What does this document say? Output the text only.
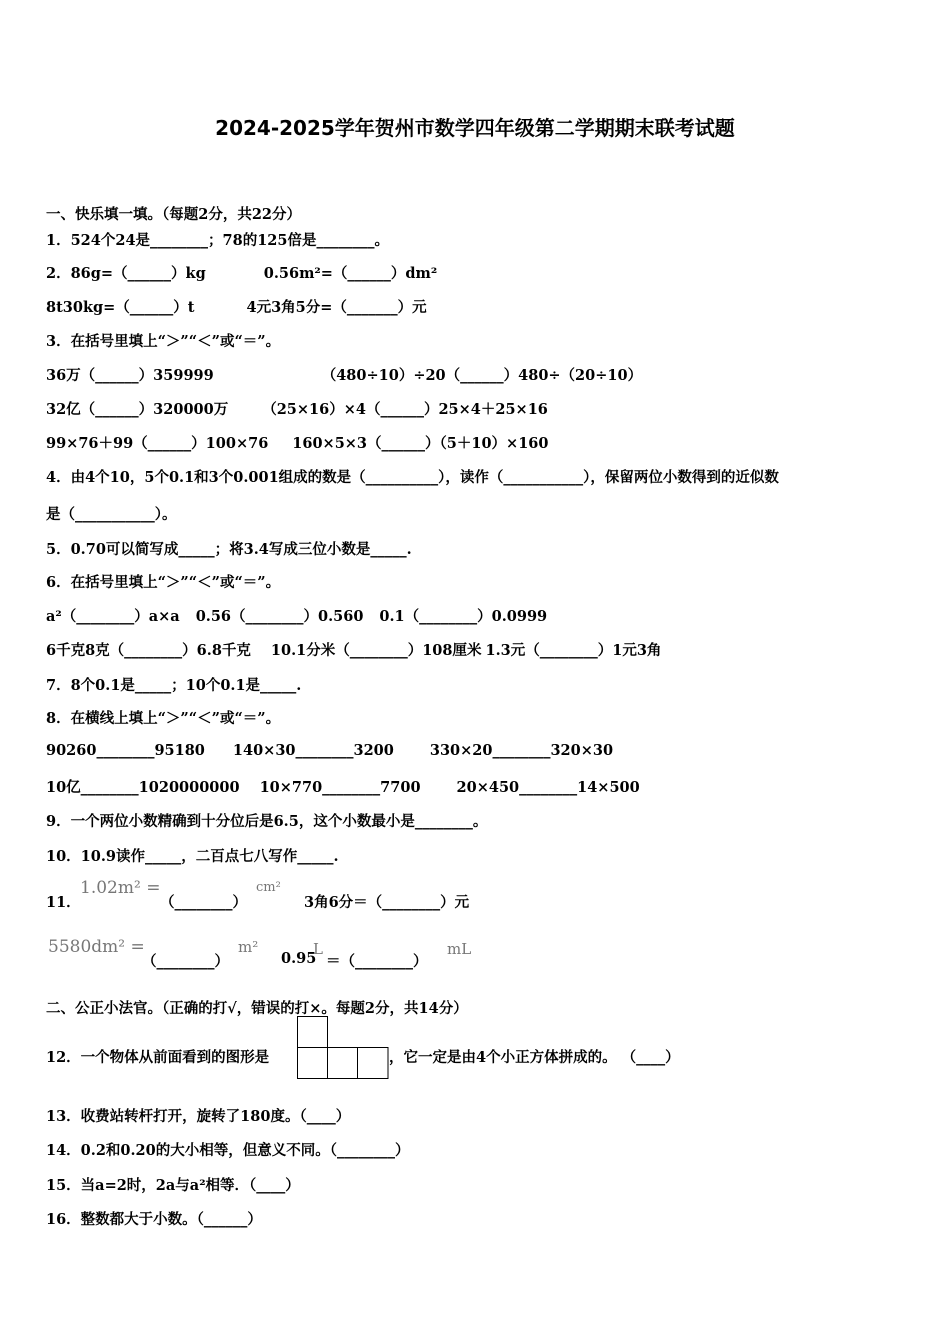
2024-2025学年贺州市数学四年级第二学期期末联考试题
一、快乐填一填。（每题2分，共22分）
1．524个24是________；78的125倍是________。
2．86g=（______）kg	0.56m²=（______）dm²
8t30kg=（______）t	4元3角5分=（_______）元
3．在括号里填上“＞”“＜”或“＝”。
36万（______）359999	（480÷10）÷20（______）480÷（20÷10）
32亿（______）320000万 （25×16）×4（______）25×4＋25×16
99×76＋99（______）100×76 160×5×3（______）（5＋10）×160
4．由4个10，5个0.1和3个0.001组成的数是（__________），读作（___________），保留两位小数得到的近似数
是（___________）。
5．0.70可以简写成_____；将3.4写成三位小数是_____.
6．在括号里填上“＞”“＜”或“＝”。
a²（________）a×a 0.56（________）0.560 0.1（________）0.0999
6千克8克（________）6.8千克 10.1分米（________）108厘米 1.3元（________）1元3角
7．8个0.1是_____；10个0.1是_____.
8．在横线上填上“＞”“＜”或“＝”。
90260________95180 140×30________3200 330×20________320×30
10亿________1020000000 10×770________7700 20×450________14×500
9．一个两位小数精确到十分位后是6.5，这个小数最小是________。
10．10.9读作_____，二百点七八写作_____.
11．
1.02m² =
（________）
cm²
3角6分＝（________）元
5580dm² =
（________）
m²
0.95
L
＝（________）
mL
二、公正小法官。（正确的打√，错误的打×。每题2分，共14分）
12．一个物体从前面看到的图形是	，它一定是由4个小正方体拼成的。 （____）
13．收费站转杆打开，旋转了180度。（____）
14．0.2和0.20的大小相等，但意义不同。（________）
15．当a=2时，2a与a²相等．（____）
16．整数都大于小数。（______）
